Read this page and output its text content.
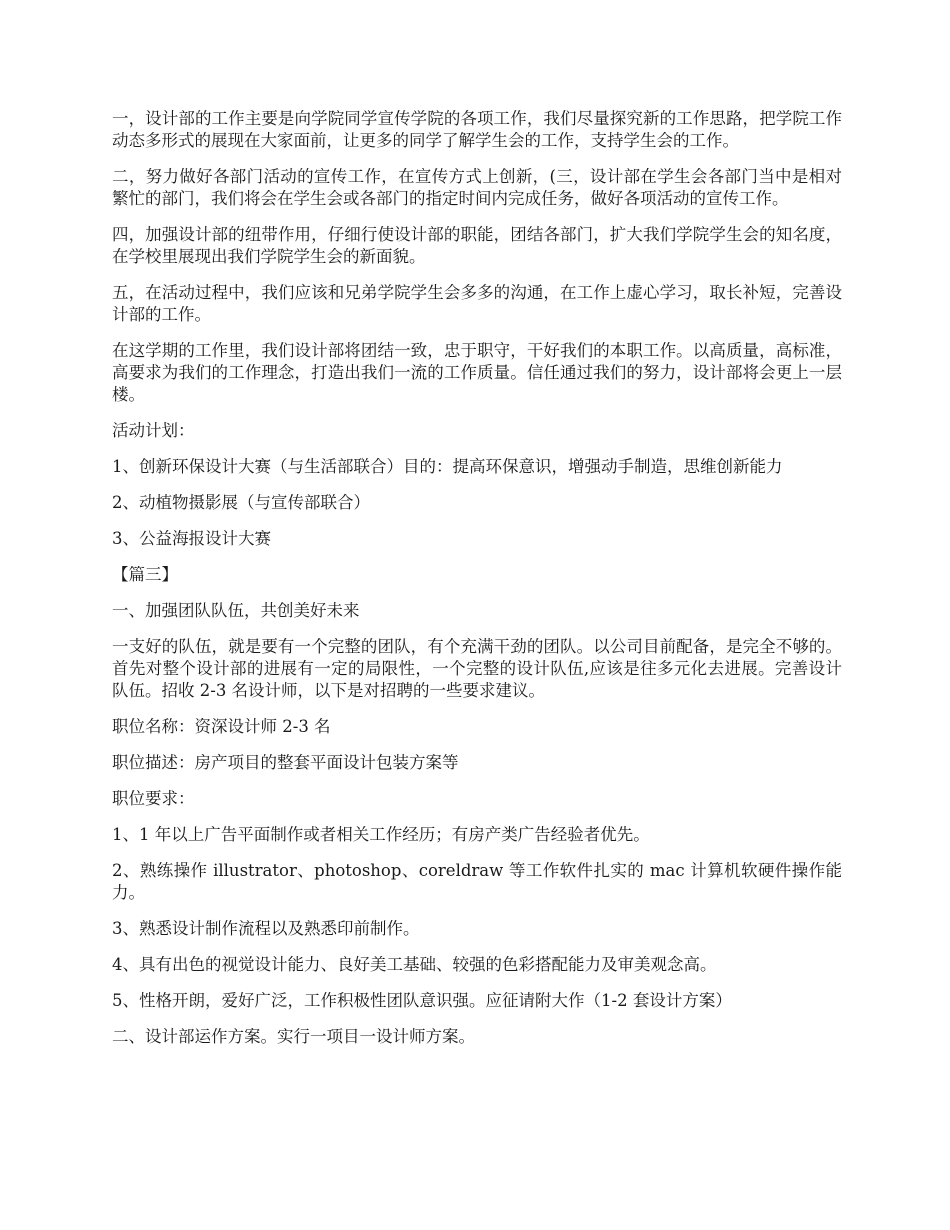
一，设计部的工作主要是向学院同学宣传学院的各项工作，我们尽量探究新的工作思路，把学院工作动态多形式的展现在大家面前，让更多的同学了解学生会的工作，支持学生会的工作。

二，努力做好各部门活动的宣传工作，在宣传方式上创新，(三，设计部在学生会各部门当中是相对繁忙的部门，我们将会在学生会或各部门的指定时间内完成任务，做好各项活动的宣传工作。

四，加强设计部的纽带作用，仔细行使设计部的职能，团结各部门，扩大我们学院学生会的知名度，在学校里展现出我们学院学生会的新面貌。

五，在活动过程中，我们应该和兄弟学院学生会多多的沟通，在工作上虚心学习，取长补短，完善设计部的工作。

在这学期的工作里，我们设计部将团结一致，忠于职守，干好我们的本职工作。以高质量，高标准，高要求为我们的工作理念，打造出我们一流的工作质量。信任通过我们的努力，设计部将会更上一层楼。

活动计划：

1、创新环保设计大赛（与生活部联合）目的：提高环保意识，增强动手制造，思维创新能力

2、动植物摄影展（与宣传部联合）

3、公益海报设计大赛

【篇三】

一、加强团队队伍，共创美好未来

一支好的队伍，就是要有一个完整的团队，有个充满干劲的团队。以公司目前配备，是完全不够的。首先对整个设计部的进展有一定的局限性，一个完整的设计队伍,应该是往多元化去进展。完善设计队伍。招收 2-3 名设计师，以下是对招聘的一些要求建议。

职位名称：资深设计师 2-3 名

职位描述：房产项目的整套平面设计包装方案等

职位要求：

1、1 年以上广告平面制作或者相关工作经历；有房产类广告经验者优先。

2、熟练操作 illustrator、photoshop、coreldraw 等工作软件扎实的 mac 计算机软硬件操作能力。

3、熟悉设计制作流程以及熟悉印前制作。

4、具有出色的视觉设计能力、良好美工基础、较强的色彩搭配能力及审美观念高。

5、性格开朗，爱好广泛，工作积极性团队意识强。应征请附大作（1-2 套设计方案）

二、设计部运作方案。实行一项目一设计师方案。
